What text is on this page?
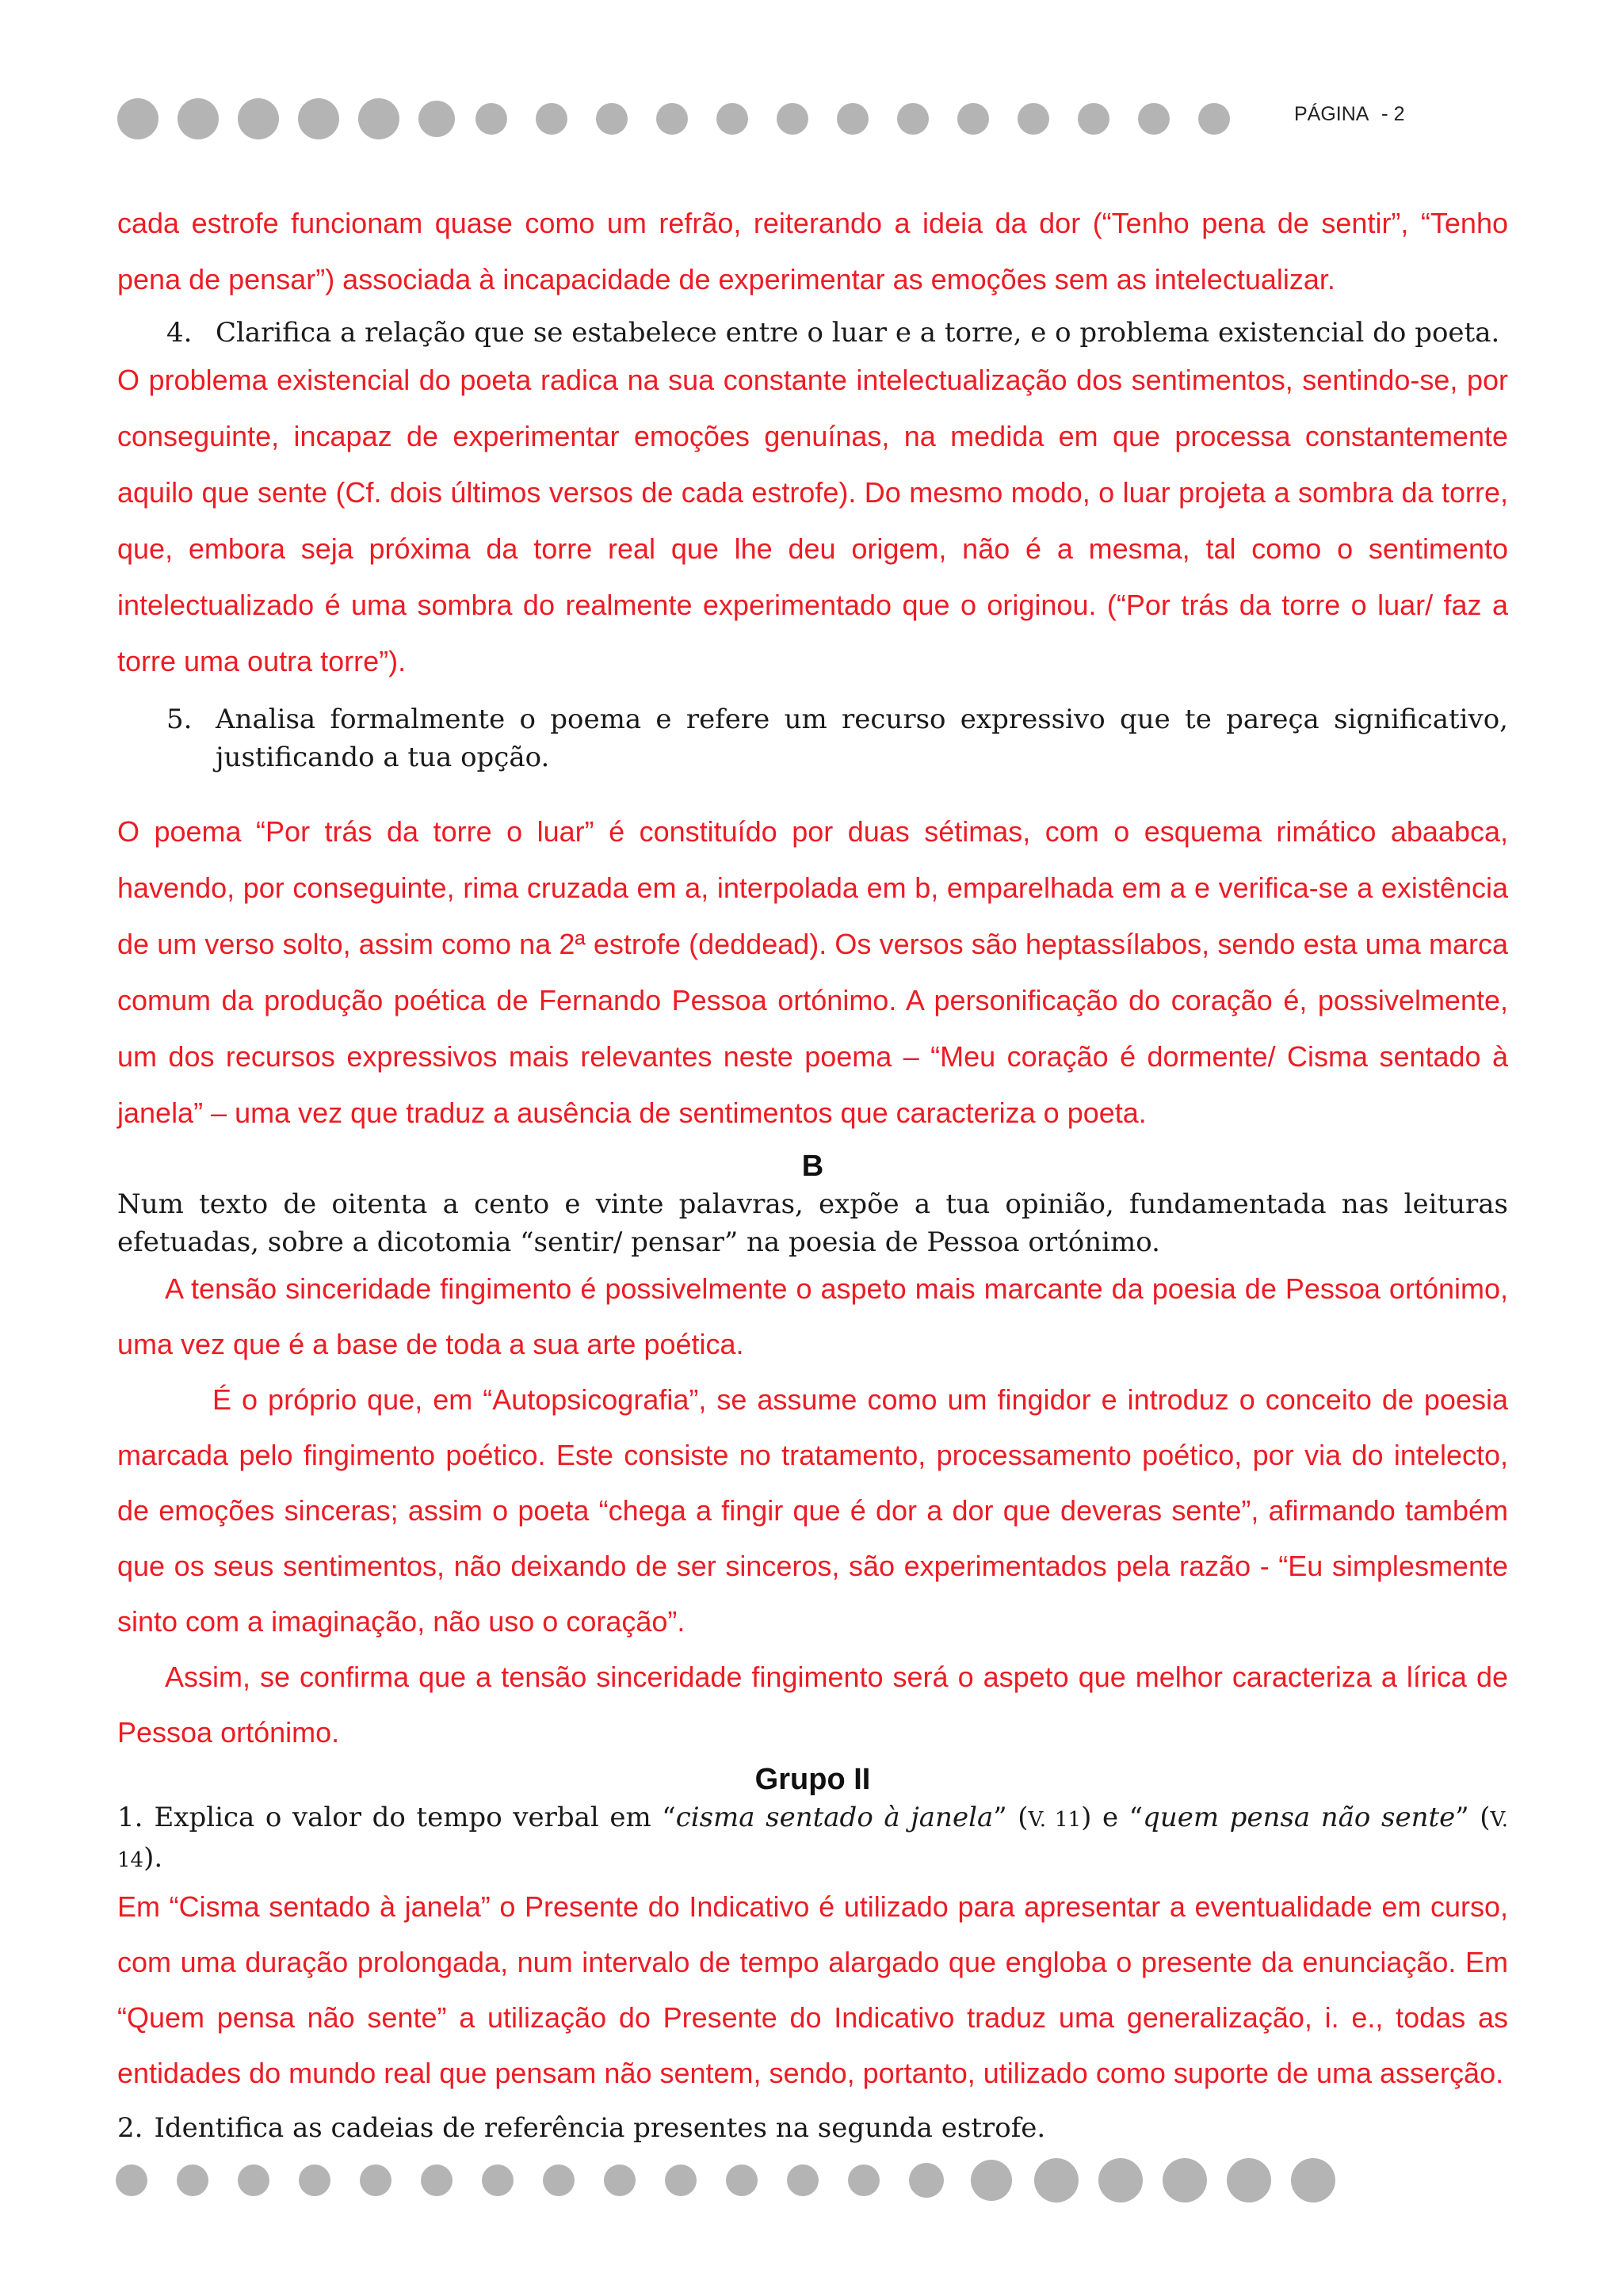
PÁGINA - 2

cada estrofe funcionam quase como um refrão, reiterando a ideia da dor (“Tenho pena de sentir”, “Tenho pena de pensar”) associada à incapacidade de experimentar as emoções sem as intelectualizar.

4. Clarifica a relação que se estabelece entre o luar e a torre, e o problema existencial do poeta.

O problema existencial do poeta radica na sua constante intelectualização dos sentimentos, sentindo-se, por conseguinte, incapaz de experimentar emoções genuínas, na medida em que processa constantemente aquilo que sente (Cf. dois últimos versos de cada estrofe). Do mesmo modo, o luar projeta a sombra da torre, que, embora seja próxima da torre real que lhe deu origem, não é a mesma, tal como o sentimento intelectualizado é uma sombra do realmente experimentado que o originou. (“Por trás da torre o luar/ faz a torre uma outra torre”).

5. Analisa formalmente o poema e refere um recurso expressivo que te pareça significativo, justificando a tua opção.

O poema “Por trás da torre o luar” é constituído por duas sétimas, com o esquema rimático abaabca, havendo, por conseguinte, rima cruzada em a, interpolada em b, emparelhada em a e verifica-se a existência de um verso solto, assim como na 2ª estrofe (deddead). Os versos são heptassílabos, sendo esta uma marca comum da produção poética de Fernando Pessoa ortónimo. A personificação do coração é, possivelmente, um dos recursos expressivos mais relevantes neste poema – “Meu coração é dormente/ Cisma sentado à janela” – uma vez que traduz a ausência de sentimentos que caracteriza o poeta.

B

Num texto de oitenta a cento e vinte palavras, expõe a tua opinião, fundamentada nas leituras efetuadas, sobre a dicotomia “sentir/ pensar” na poesia de Pessoa ortónimo.

A tensão sinceridade fingimento é possivelmente o aspeto mais marcante da poesia de Pessoa ortónimo, uma vez que é a base de toda a sua arte poética.

É o próprio que, em “Autopsicografia”, se assume como um fingidor e introduz o conceito de poesia marcada pelo fingimento poético. Este consiste no tratamento, processamento poético, por via do intelecto, de emoções sinceras; assim o poeta “chega a fingir que é dor a dor que deveras sente”, afirmando também que os seus sentimentos, não deixando de ser sinceros, são experimentados pela razão - “Eu simplesmente sinto com a imaginação, não uso o coração”.

Assim, se confirma que a tensão sinceridade fingimento será o aspeto que melhor caracteriza a lírica de Pessoa ortónimo.

Grupo II

1. Explica o valor do tempo verbal em “cisma sentado à janela” (V. 11) e “quem pensa não sente” (V. 14).

Em “Cisma sentado à janela” o Presente do Indicativo é utilizado para apresentar a eventualidade em curso, com uma duração prolongada, num intervalo de tempo alargado que engloba o presente da enunciação. Em “Quem pensa não sente” a utilização do Presente do Indicativo traduz uma generalização, i. e., todas as entidades do mundo real que pensam não sentem, sendo, portanto, utilizado como suporte de uma asserção.

2. Identifica as cadeias de referência presentes na segunda estrofe.
